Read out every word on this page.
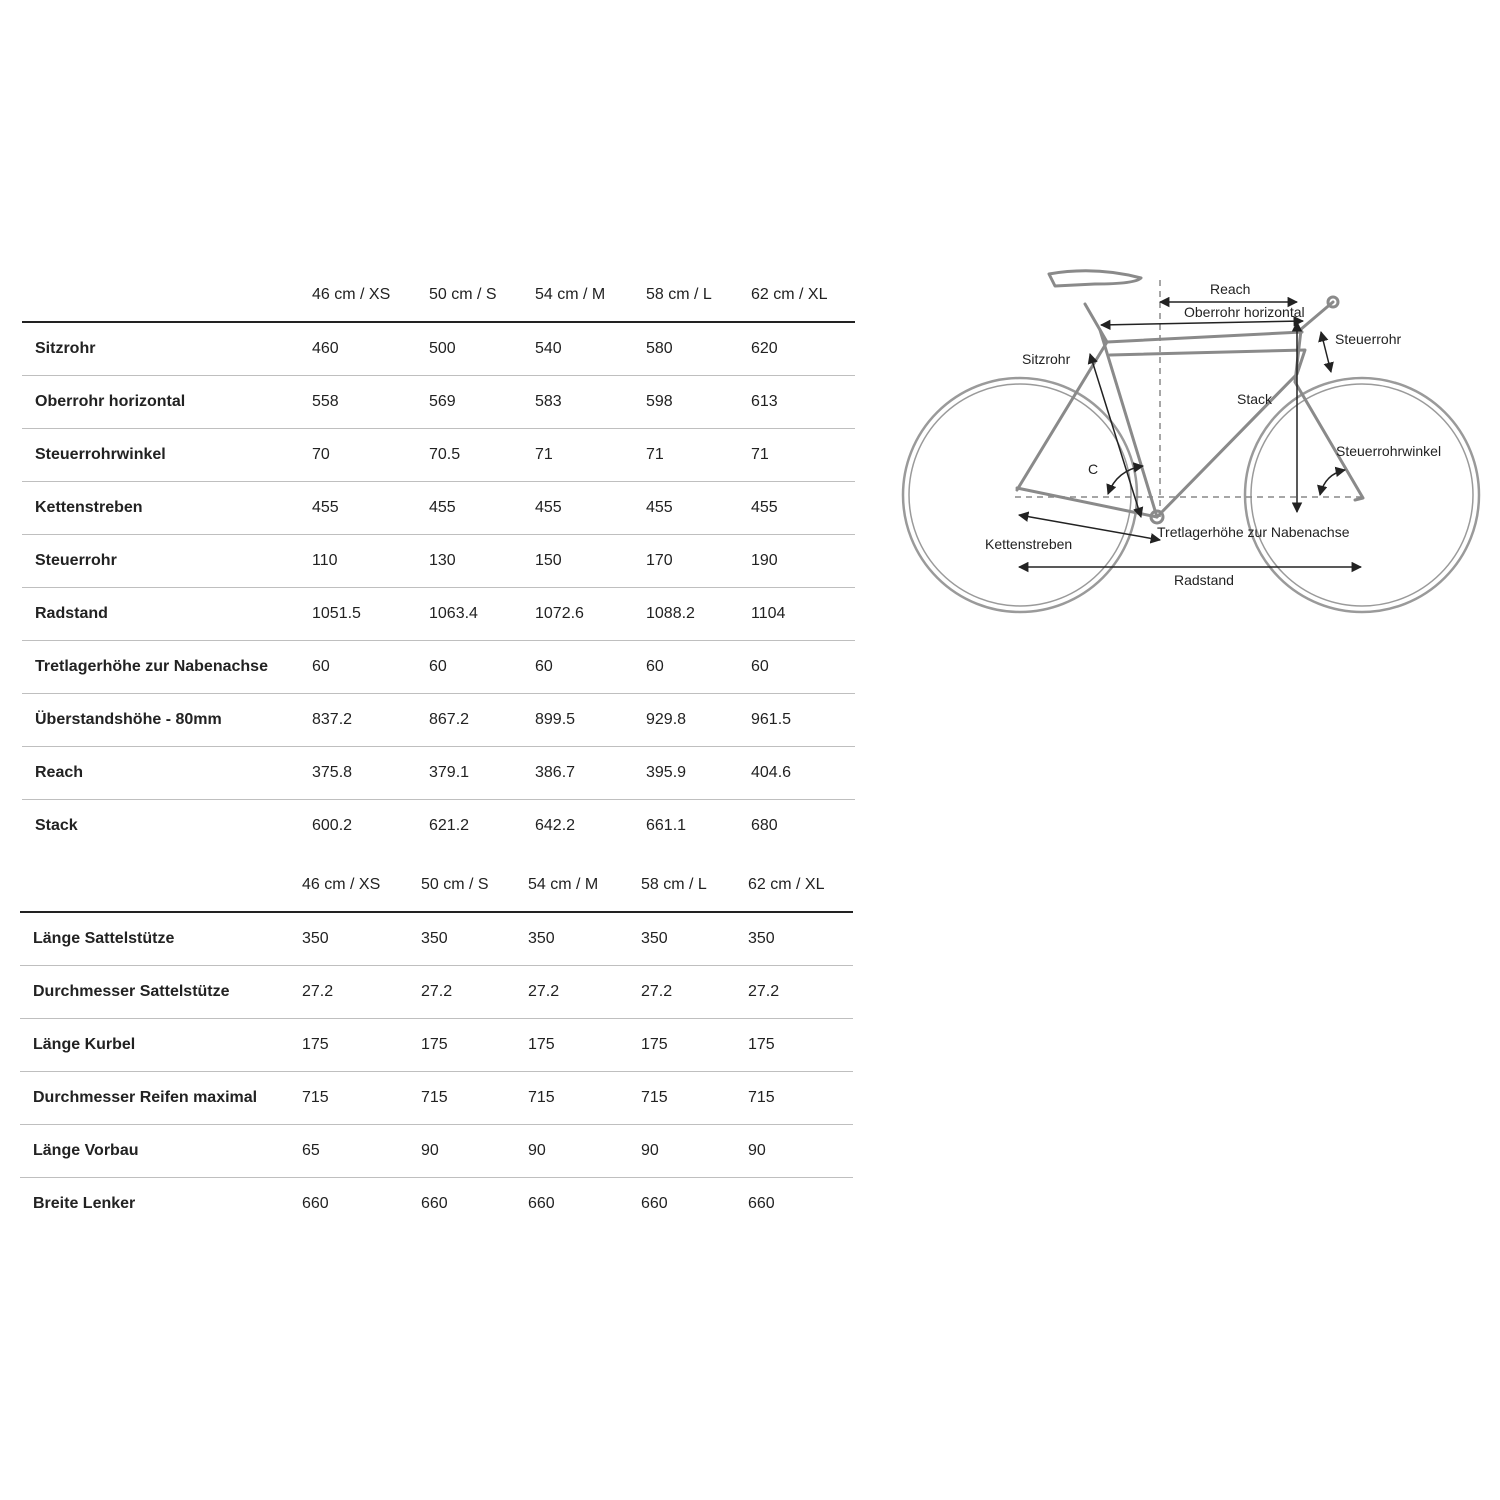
46 cm / XS 50 cm / S 54 cm / M	58 cm / L 62 cm / XL
Sitzrohr	460	500	540	580	620
Oberrohr horizontal	558	569	583	598	613
Steuerrohrwinkel	70	70.5	71	71	71
Kettenstreben	455	455	455	455	455
Steuerrohr	110	130	150	170	190
Radstand	1051.5	1063.4	1072.6	1088.2	1104
Tretlagerhöhe zur Nabenachse	60	60	60	60	60
Überstandshöhe - 80mm	837.2	867.2	899.5	929.8	961.5
Reach	375.8	379.1	386.7	395.9	404.6
Stack	600.2	621.2	642.2	661.1	680
46 cm / XS	50 cm / S 54 cm / M	58 cm / L	62 cm / XL
Länge Sattelstütze	350	350	350	350	350
Durchmesser Sattelstütze	27.2	27.2	27.2	27.2	27.2
Länge Kurbel	175	175	175	175	175
Durchmesser Reifen maximal	715	715	715	715	715
Länge Vorbau	65	90	90	90	90
Breite Lenker	660	660	660	660	660
Reach
Oberrohr horizontal
Steuerrohr
Sitzrohr
Stack
C
Steuerrohrwinkel
Tretlagerhöhe zur Nabenachse
Kettenstreben
Radstand
